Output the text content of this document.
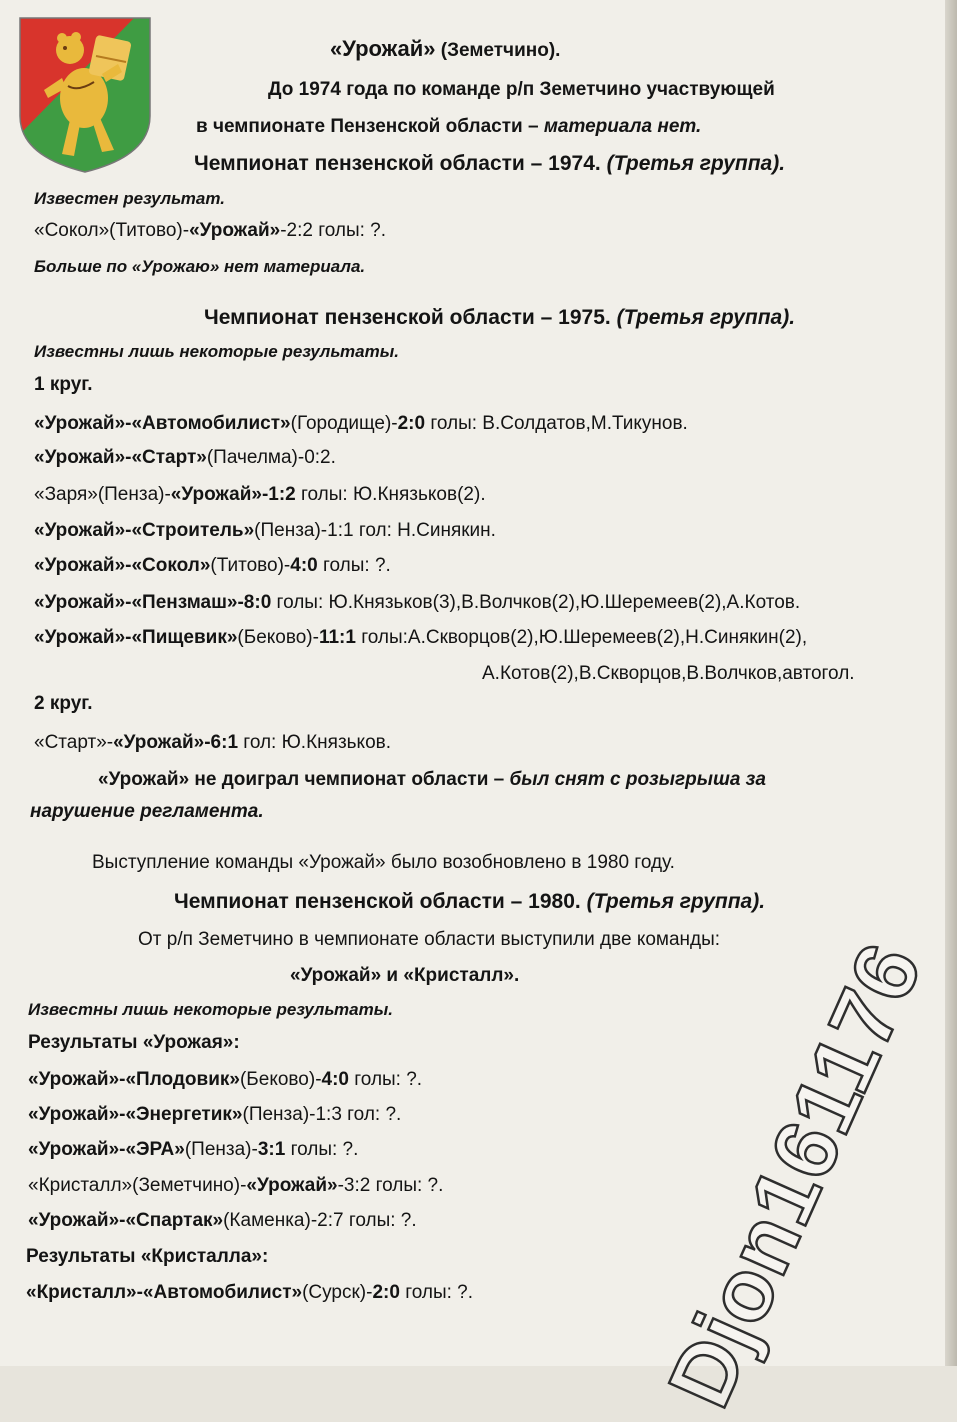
«Урожай» (Земетчино).
До 1974 года по команде р/п Земетчино участвующей
в чемпионате Пензенской области – материала нет.
Чемпионат пензенской области – 1974. (Третья группа).
Известен результат.
«Сокол»(Титово)-«Урожай»-2:2 голы: ?.
Больше по «Урожаю» нет материала.
Чемпионат пензенской области – 1975. (Третья группа).
Известны лишь некоторые результаты.
1 круг.
«Урожай»-«Автомобилист»(Городище)-2:0 голы: В.Солдатов,М.Тикунов.
«Урожай»-«Старт»(Пачелма)-0:2.
«Заря»(Пенза)-«Урожай»-1:2 голы: Ю.Князьков(2).
«Урожай»-«Строитель»(Пенза)-1:1 гол: Н.Синякин.
«Урожай»-«Сокол»(Титово)-4:0 голы: ?.
«Урожай»-«Пензмаш»-8:0 голы: Ю.Князьков(3),В.Волчков(2),Ю.Шеремеев(2),А.Котов.
«Урожай»-«Пищевик»(Беково)-11:1 голы:А.Скворцов(2),Ю.Шеремеев(2),Н.Синякин(2),
А.Котов(2),В.Скворцов,В.Волчков,автогол.
2 круг.
«Старт»-«Урожай»-6:1 гол: Ю.Князьков.
«Урожай» не доиграл чемпионат области – был снят с розыгрыша за
нарушение регламента.
Выступление команды «Урожай» было возобновлено в 1980 году.
Чемпионат пензенской области – 1980. (Третья группа).
От р/п Земетчино в чемпионате области выступили две команды:
«Урожай» и «Кристалл».
Известны лишь некоторые результаты.
Результаты «Урожая»:
«Урожай»-«Плодовик»(Беково)-4:0 голы: ?.
«Урожай»-«Энергетик»(Пенза)-1:3 гол: ?.
«Урожай»-«ЭРА»(Пенза)-3:1 голы: ?.
«Кристалл»(Земетчино)-«Урожай»-3:2 голы: ?.
«Урожай»-«Спартак»(Каменка)-2:7 голы: ?.
Результаты «Кристалла»:
«Кристалл»-«Автомобилист»(Сурск)-2:0 голы: ?. Djon161176
